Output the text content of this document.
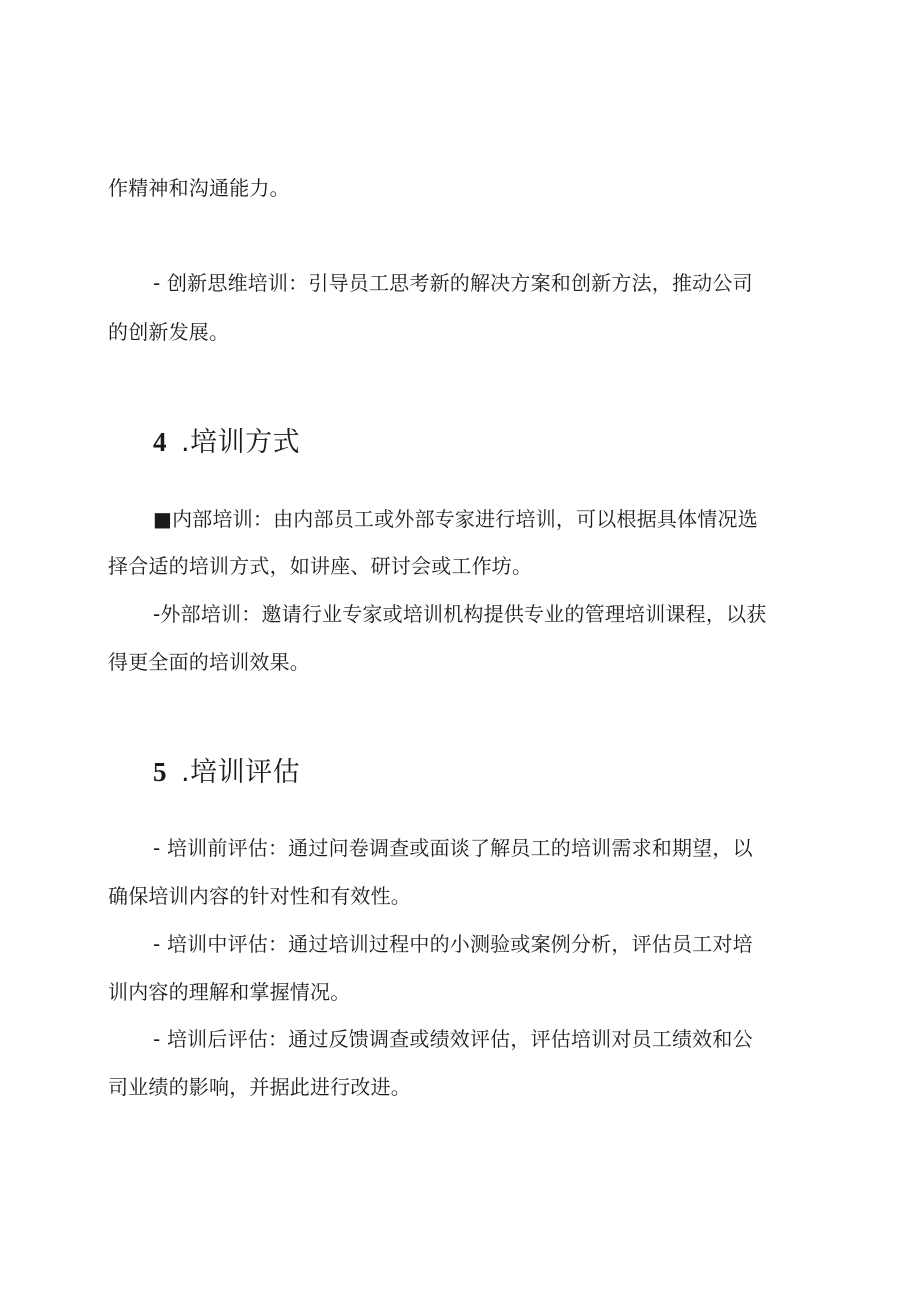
作精神和沟通能力。
- 创新思维培训：引导员工思考新的解决方案和创新方法，推动公司
的创新发展。
4 .培训方式
■内部培训：由内部员工或外部专家进行培训，可以根据具体情况选
择合适的培训方式，如讲座、研讨会或工作坊。
-外部培训：邀请行业专家或培训机构提供专业的管理培训课程，以获
得更全面的培训效果。
5 .培训评估
- 培训前评估：通过问卷调查或面谈了解员工的培训需求和期望，以
确保培训内容的针对性和有效性。
- 培训中评估：通过培训过程中的小测验或案例分析，评估员工对培
训内容的理解和掌握情况。
- 培训后评估：通过反馈调查或绩效评估，评估培训对员工绩效和公
司业绩的影响，并据此进行改进。
